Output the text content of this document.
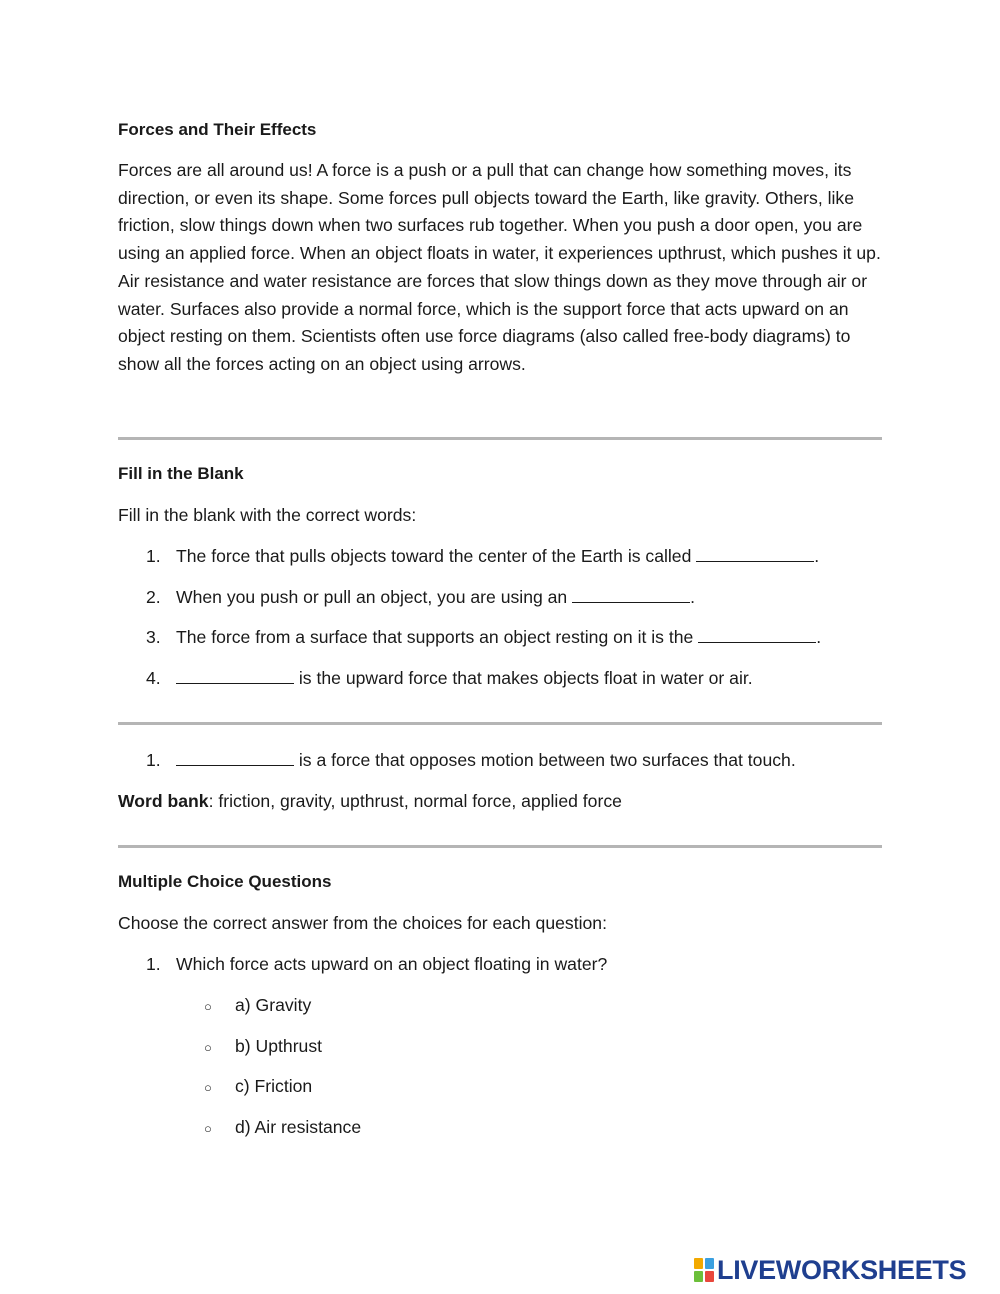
Forces and Their Effects

Forces are all around us! A force is a push or a pull that can change how something moves, its direction, or even its shape. Some forces pull objects toward the Earth, like gravity. Others, like friction, slow things down when two surfaces rub together. When you push a door open, you are using an applied force. When an object floats in water, it experiences upthrust, which pushes it up. Air resistance and water resistance are forces that slow things down as they move through air or water. Surfaces also provide a normal force, which is the support force that acts upward on an object resting on them. Scientists often use force diagrams (also called free-body diagrams) to show all the forces acting on an object using arrows.

Fill in the Blank
Fill in the blank with the correct words:
1. The force that pulls objects toward the center of the Earth is called	.
2. When you push or pull an object, you are using an	.
3. The force from a surface that supports an object resting on it is the	.
4.	is the upward force that makes objects float in water or air.
1.	is a force that opposes motion between two surfaces that touch.
Word bank: friction, gravity, upthrust, normal force, applied force
Multiple Choice Questions
Choose the correct answer from the choices for each question:
1. Which force acts upward on an object floating in water?
○ a) Gravity
○ b) Upthrust
○ c) Friction
○ d) Air resistance
LIVEWORKSHEETS
